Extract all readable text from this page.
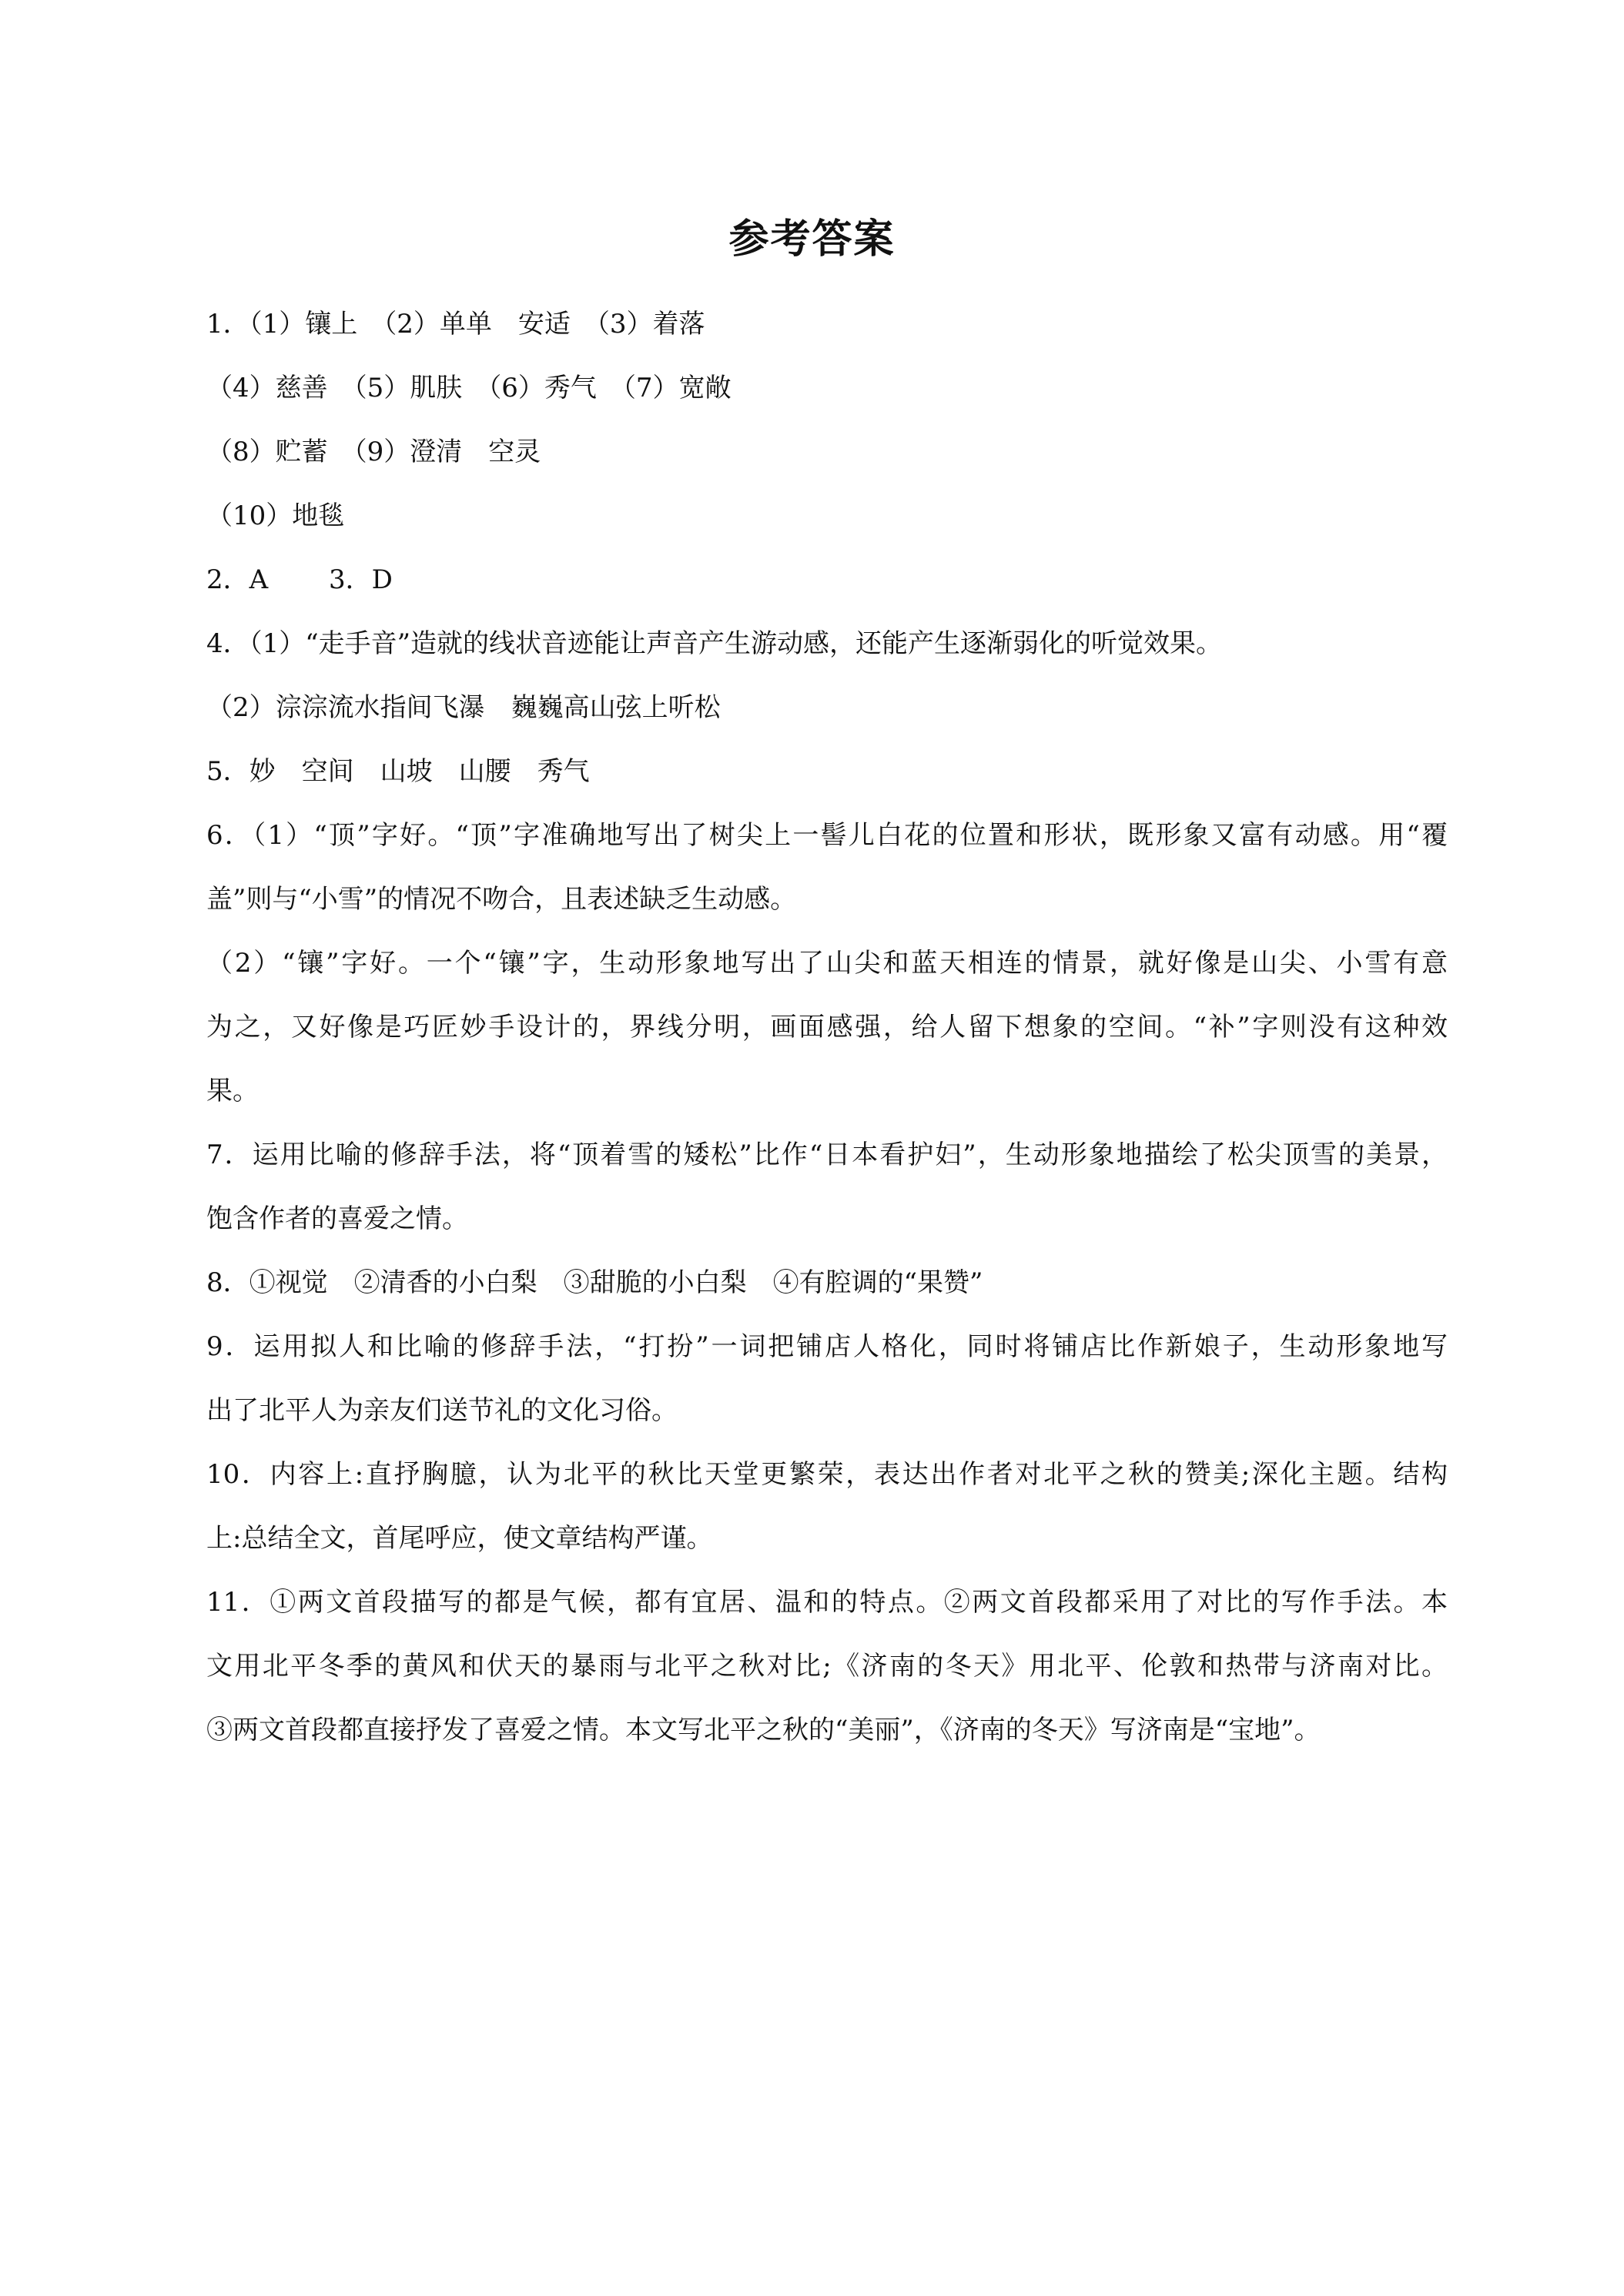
参考答案
1．（1）镶上　（2）单单　安适　（3）着落
（4）慈善　（5）肌肤　（6）秀气　（7）宽敞
（8）贮蓄　（9）澄清　空灵
（10）地毯
2．A　　 3．D
4．（1）“走手音”造就的线状音迹能让声音产生游动感，还能产生逐渐弱化的听觉效果。
（2）淙淙流水指间飞瀑　巍巍高山弦上听松
5．妙　空间　山坡　山腰　秀气
6．（1）“顶”字好。“顶”字准确地写出了树尖上一髻儿白花的位置和形状，既形象又富有动感。用“覆
盖”则与“小雪”的情况不吻合，且表述缺乏生动感。
（2）“镶”字好。一个“镶”字，生动形象地写出了山尖和蓝天相连的情景，就好像是山尖、小雪有意
为之，又好像是巧匠妙手设计的，界线分明，画面感强，给人留下想象的空间。“补”字则没有这种效
果。
7．运用比喻的修辞手法，将“顶着雪的矮松”比作“日本看护妇”，生动形象地描绘了松尖顶雪的美景，
饱含作者的喜爱之情。
8．①视觉　②清香的小白梨　③甜脆的小白梨　④有腔调的“果赞”
9．运用拟人和比喻的修辞手法，“打扮”一词把铺店人格化，同时将铺店比作新娘子，生动形象地写
出了北平人为亲友们送节礼的文化习俗。
10．内容上:直抒胸臆，认为北平的秋比天堂更繁荣，表达出作者对北平之秋的赞美;深化主题。结构
上:总结全文，首尾呼应，使文章结构严谨。
11．①两文首段描写的都是气候，都有宜居、温和的特点。②两文首段都采用了对比的写作手法。本
文用北平冬季的黄风和伏天的暴雨与北平之秋对比;《济南的冬天》用北平、伦敦和热带与济南对比。
③两文首段都直接抒发了喜爱之情。本文写北平之秋的“美丽”，《济南的冬天》写济南是“宝地”。
